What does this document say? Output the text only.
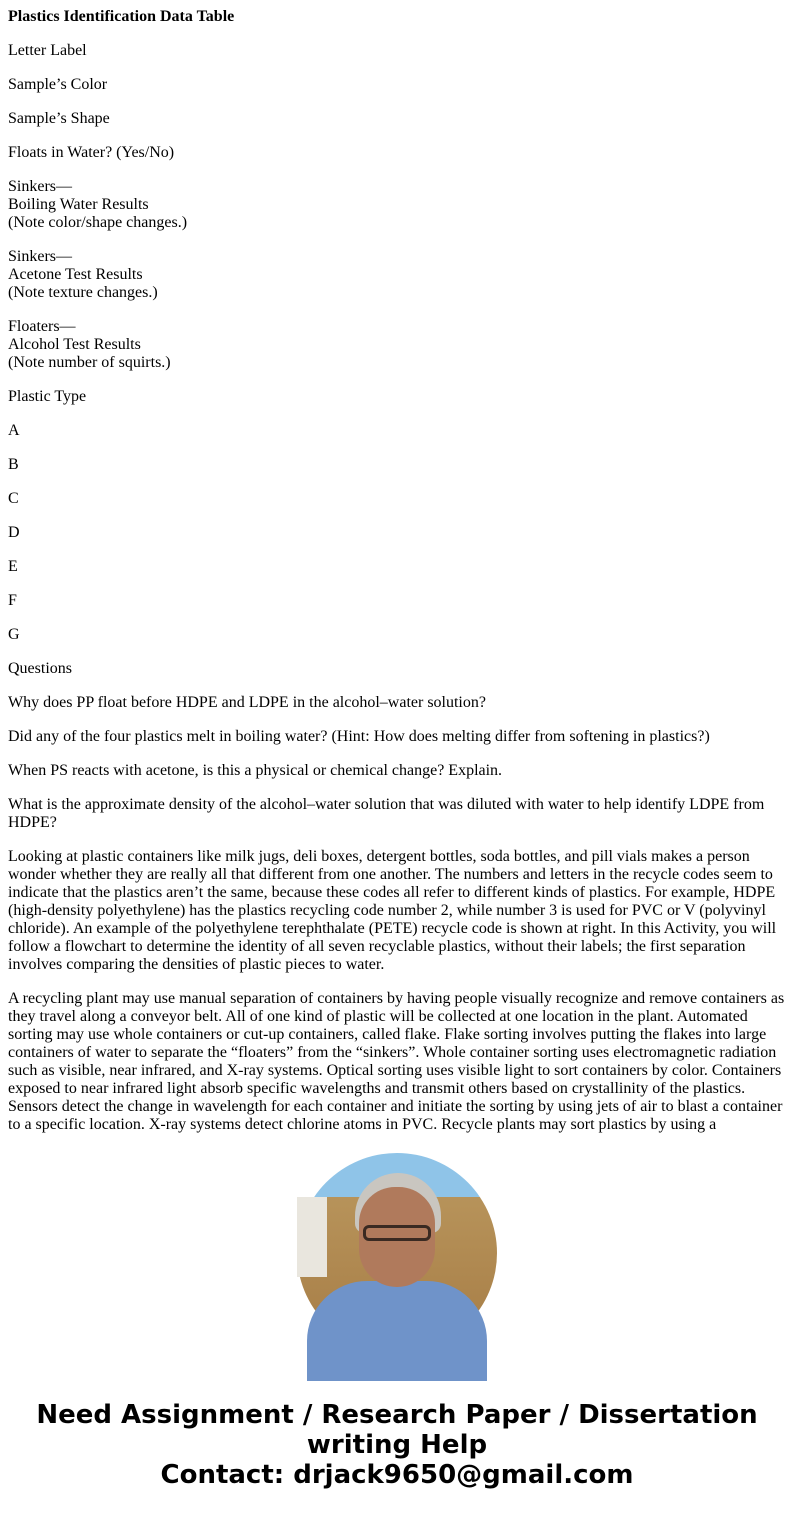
Plastics Identification Data Table

Letter Label

Sample’s Color

Sample’s Shape

Floats in Water? (Yes/No)

Sinkers—
Boiling Water Results
(Note color/shape changes.)

Sinkers—
Acetone Test Results
(Note texture changes.)

Floaters—
Alcohol Test Results
(Note number of squirts.)

Plastic Type

A

B

C

D

E

F

G

Questions

Why does PP float before HDPE and LDPE in the alcohol–water solution?

Did any of the four plastics melt in boiling water? (Hint: How does melting differ from softening in plastics?)

When PS reacts with acetone, is this a physical or chemical change? Explain.

What is the approximate density of the alcohol–water solution that was diluted with water to help identify LDPE from HDPE?

Looking at plastic containers like milk jugs, deli boxes, detergent bottles, soda bottles, and pill vials makes a person wonder whether they are really all that different from one another. The numbers and letters in the recycle codes seem to indicate that the plastics aren’t the same, because these codes all refer to different kinds of plastics. For example, HDPE (high-density polyethylene) has the plastics recycling code number 2, while number 3 is used for PVC or V (polyvinyl chloride). An example of the polyethylene terephthalate (PETE) recycle code is shown at right. In this Activity, you will follow a flowchart to determine the identity of all seven recyclable plastics, without their labels; the first separation involves comparing the densities of plastic pieces to water.

A recycling plant may use manual separation of containers by having people visually recognize and remove containers as they travel along a conveyor belt. All of one kind of plastic will be collected at one location in the plant. Automated sorting may use whole containers or cut-up containers, called flake. Flake sorting involves putting the flakes into large containers of water to separate the “floaters” from the “sinkers”. Whole container sorting uses electromagnetic radiation such as visible, near infrared, and X-ray systems. Optical sorting uses visible light to sort containers by color. Containers exposed to near infrared light absorb specific wavelengths and transmit others based on crystallinity of the plastics. Sensors detect the change in wavelength for each container and initiate the sorting by using jets of air to blast a container to a specific location. X-ray systems detect chlorine atoms in PVC. Recycle plants may sort plastics by using a

Need Assignment / Research Paper / Dissertation writing Help
Contact: drjack9650@gmail.com
